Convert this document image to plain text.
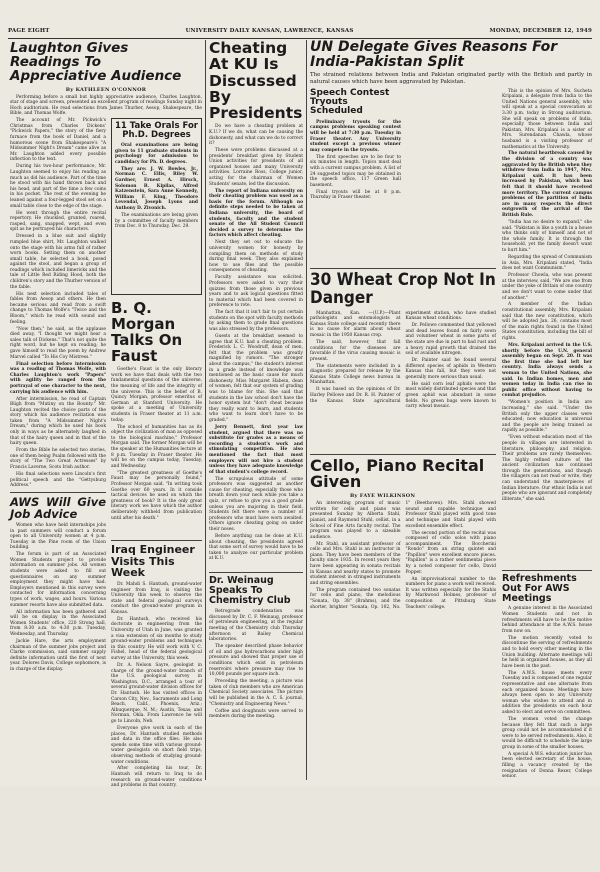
PAGE EIGHT	UNIVERSITY DAILY KANSAN, LAWRENCE, KANSAS	MONDAY, DECEMBER 12, 1949
Laughton Gives Readings To Appreciative Audience
By KATHLEEN O'CONNOR

Performing before a small but highly appreciative audience, Charles Laughton, star of stage and screen, presented an excellent program of readings Sunday night in Hoch auditorium. He read selections from James Thurber, Aesop, Shakespeare, the Bible, and Thomas Wolfe.

The account of Mr. Pickwick's Christmas from Charles Dickens' "Pickwick Papers," the story of the fiery furnace from the book of Daniel, and a humorous scene from Shakespeare's "A Midsummer Night's Dream" came alive as Mr. Laughton added every possible inflection to the text.

During his two-hour performance, Mr. Laughton seemed to enjoy his reading as much as did his audience. Part of the time he stood with his hand thrown back and his head, and part of the time a few coins in his pocket. The rest of the evening he leaned against a four-legged stool set on a small table close to the edge of the stage.

He went through the entire recital repertory. He chuckled, grunted, roared, rasped, sang, snapped, wept, and even spit as he portrayed his characters.

Dressed in a blue suit and slightly rumpled blue shirt, Mr. Laughton walked onto the stage with his arms full of rather worn books. Setting them on another small table, he selected a book, posed against the stool, and began a group of readings which included limericks and the tale of Little Red Riding Hood, both the children's story and the Thurber version of the fable.

His next selection included tales of fables from Aesop and others. He then became serious and read from a swift change to Thomas Wolfe's "Twice and the Bloom," which he read with sound and feeling.

"Now then," he said, as the applause died away, "I thought we might hear a sales talk of Dickens." That's not quite the right word, but he kept on reading; he gave himself to read the poem by Andrew Marvel called "To His Coy Mistress."

Final selection before intermission was a reading of Thomas Wolfe, with Charles Laughton's work "Papers" with agility he ranged from the portrayal of one character to the next, carrying his audience with him.

After intermission, he read of Captain Bligh from "Mutiny on the Bounty." Mr. Laughton recited the choice parts of the story which his audience recitation was taken from "A Midsummer Night's Dream," during which he used his book only in ways as he alternately laughed in that of the hairy queen and in that of the hairy queen.

From the Bible he selected two stories, one of them being Psalm followed with the story of "The Two Great Actresses" by Francis Laverne, Scots Irish author.

His final selections were Lincoln's first political speech and the "Gettysburg Address."

AWS Will Give Job Advice

Women who have held internships jobs in past summers will conduct a forum open to all University women at 4 p.m. Tuesday in the Pine room of the Union building.

The forum is part of an Associated Women Students project to provide information on summer jobs. All women students were asked to fill out questionnaires on any summer employment they might have had. Employers mentioned in this survey were contacted for information concerning types of work, wages, and hours. Various summer resorts have also submitted data.

All information has been gathered and will be on display in the Associated Women Students' office, 220 Strong hall, from 8:30 a.m. to 4:30 p.m. Tuesday, Wednesday, and Thursday.

Jackie Hare, the arts employment chairman of the summer jobs project and Clarke commission, said summer supply definite information until the first of next year. Dolores Davis, College sophomore, is in charge of the display.

11 Take Orals For Ph.D. Degrees

Oral examinations are being given to 11 graduate students in psychology for admission to candidacy for Ph. D. degrees.

They are: J. W. Bowles, Jr., Norman C. Ellis, Riley W. Gardner, Ernest A. Hirsch, Solomon B. Kipilas, Alfred Katzenstein, Sara Anne Kennedy, William F. King, Theodore Levendal, Joseph Lyons and Anthony D. Zivonich.

The examinations are being given by a committee of faculty members from Dec. 8 to Thursday, Dec. 29.

B. Q. Morgan Talks On Faust

Goethe's Faust is the only literary work we have that deals with the two fundamental questions of the universe, the meaning of life and the integrity of the universe. This is the belief of B. Quincy Morgan, professor emeritus of German at Stanford University. He spoke at a meeting of University students in Fraser theater at 11 a.m. today.

The school of humanities has as its object the civilization of man as opposed to the biological machine," Professor Morgan said. The former Morgan will be the speaker at the Humanities lecture at 8 p.m. Tuesday in Fraser theater. He will be on the campus today, Tuesday, and Wednesday.

"The greatest greatness of Goethe's Faust may be personally found," Professor Morgan said. "In writing took Goethe over 60 years. In it conside tactical devices he used on which the greatness of book? It is the only great literary work we have which the author deliberately withheld from publication until after his death."

Iraq Engineer Visits This Week

Dr. Mahdi S. Hantush, ground-water engineer from Iraq, is visiting the University this week to observe the state and federal geological surveys conduct the ground-water program in Kansas.

Dr. Hantush, who received his doctorate in engineering from the University of Utah in June, was granted a visa extension of six months to study ground-water problems and techniques in this country. He will work with V. C. Fishel, head of the federal geological survey at the University, this week.

Dr. A. Nelson Sayre, geologist in charge of the ground-water branch of the U.S. geological survey in Washington, D.C., arranged a tour of several ground-water division offices for Dr. Hantush. He has visited offices in Carson City, Nev., Sacramento and Long Beach, Calif., Phoenix, Ariz.; Albuquerque, N. M.; Austin, Texas; and Norman, Okla. From Lawrence he will go to Lincoln, Neb.

Everyone give work in each of the places, Dr. Hantush studied methods and data in the office files. He also spends some time with various ground-water geologists on short field trips, observing methods of studying ground-water conditions.

After completing his tour, Dr. Hantush will return to Iraq to do research on ground-water conditions and problems in that country.

Cheating At KU Is Discussed By Presidents

Do we have a cheating problem at K.U.? If we do, what can be causing the dishonesty, and what can we do to correct it?

These were problems discussed at a presidents' breakfast given by Student Union activities for presidents of all organized houses and many University activities. Lorraine Ross, College junior, acting for the chairman of Women Students' senate, led the discussion.

The report of Indiana university on their cheating problem was used as a basis for the forum. Although no definite steps needed to be taken at Indiana university, the board of students, faculty and the student senate of the All Student Council decided a survey to determine the factors which affect cheating.

Next they set out to educate the university women for honesty by compiling them on methods of study during final week. They also explained how to use files and the possible consequences of cheating.

Faculty assistance was solicited. Professors were asked to vary their quizzes from those given in previous years and to ask logical questions fitted to material which had been covered in preference to rote.

The fact that it isn't fair to put certain students on the spot with faculty methods by asking them to grade final questions was also stressed by the professors.

Guests at the breakfast seemed to agree that K.U. had a cheating problem. Frederick L. C. Woodruff, dean of men, felt that the problem was greatly magnified by rumors. "The stronger about the campus," the student's interest in a grade instead of knowledge was mentioned as the basic cause for much dishonesty. Miss Margaret Habein, dean of women, felt that our system of grading was to blame for this. She said that students in the law school don't have the honor system but "don't cheat because they really want to learn, and students who want to learn don't have to be graded."

Jerry Bennett, first year law student, argued that there was no substitute for grades as a means of recording a student's work and stimulating competition. He also mentioned the fact that most employers will not hire a student unless they have adequate knowledge of that student's college record.

The scrupulous attitude of some professors was suggested as another cause for cheating, especially those who breath down your neck while you take a quiz, or refuse to give you a good grade unless you are majoring in their field. Students felt there were a number of professors who must have worn awaited. Others ignore cheating going on under their noses.

Before anything can be done at K.U. about cheating, the presidents agreed that some sort of survey would have to be taken to analyze our particular problem at K.U.

Dr. Weinaug Speaks To Chemistry Club

Retrograde condensation was discussed by Dr. C. F. Weinaug, professor of petroleum engineering, at the regular meeting of the Chemistry club Thursday afternoon at Bailey Chemical laboratories.

The speaker described phase behavior of oil and gas hydrocarbons under high pressure and showed that proper use of conditions which exist in petroleum reservoirs where pressure may rise to 10,000 pounds per square inch.

Preceding the meeting, a picture was taken of club members who are American Chemical Society associates. The picture will be published in the A. C. S. journal, "Chemistry and Engineering News."

Coffee and doughnuts were served to members during the meeting.

UN Delegate Gives Reasons For India-Pakistan Split
The strained relations between India and Pakistan originated partly with the British and partly in natural causes which have been aggravated by Pakistan.
Speech Contest Tryouts Scheduled

Preliminary tryouts for the campus problems speaking contest will be held at 7:30 p.m. Tuesday in Fraser theater. Any University student except a previous winner may compete in the tryouts.

The first speeches are to be four to six minutes in length. Topics must deal with a current campus problem. A list of 24 suggested topics may be obtained in the speech office, 117 Green hall basement.

Final tryouts will be at 8 p.m. Thursday in Fraser theater.

30 Wheat Crop Not In Danger

Manhattan, Kan. —(U.P.)—Plant pathologists and entomologists at Kansas State college said recently there is no cause for alarm about wheat mosaic in the 1950 Kansas crop.

The said, however, that fall conditions for the diseases are favorable if the virus causing mosaic is present.

The statements were included in a diagnostic prepared for release by the Kansas State College news bureau in Manhattan.

It was based on the opinions of Dr. Harley Pellowe and Dr. R. H. Painter of the Kansas State agricultural experiment station, who have studied Kansas wheat conditions.

Dr. Pellowe commented that yellowed and dead leaves found on fairly sown and volunteer wheat in some parts of the state are due in part to bad rust and a heavy rapid growth that drained the soil of available nitrogen.

Dr. Painter said he found several different species of aphids in Western Kansas this fall, but they were not generally more serious than usual.

He said corn leaf aphids were the most widely distributed species and that green aphid was abundant in some fields. No green bugs were known to carry wheat mosaic.

Cello, Piano Recital Given
By FAYE WILKINSON

An interesting program of music written for cello and piano was presented Sunday by Alberta Stahl, pianist, and Raymond Stuhl, cellist, in a School of Fine Arts faculty recital. The program was played to a sizeable audience.

Mr. Stahl, an assistant professor of cello and Mrs. Stahl is an instructor in piano. They have been members of the faculty since 1935. In recent years they have been appearing in sonata recitals in Kansas and nearby states to promote student interest in stringed instruments and string ensembles.

The program contained two sonatas for cello and piano, the melodious "Sonata, Op. 38" (Brahms), and the shorter, brighter "Sonata, Op. 102, No. 1" (Beethoven). Mrs. Stahl showed sound and capable technique and Professor Stahl played with good tone and technique and Stahl played with excellent ensemble effect.

The second portion of the recital was composed of cello solos with piano accompaniment. The Boccherini "Rondo" from an string quintet and "Papillon" were excellent encore pieces. "Papillon" is a rather sentimental piece by a noted composer for cello, David Popper.

An improvisational number to the numbers for piano a work well received. It was written especially for the Stahls by Markwood Holmes, professor of composition at Pittsburg State Teachers' college.

This is the opinion of Mrs. Sucheta Kripalani, a delegate from India to the United Nations general assembly, who will speak at a special convocation at 3:30 p.m. today in Strong auditorium. She will speak on problems of India, especially those between India and Pakistan. Mrs. Kripalani is a sister of Mrs. Surendanan Chawla, whose husband is a visiting professor of mathematics at the University.

The natural heartbreak caused by the division of a country was aggravated by the British when they withdrew from India in 1947, Mrs. Kripalani said. It has been increased by Pakistan, which has felt that it should have received more territory. The current campus problems of the partition of India are in many respects the direct outgrowth of the arrival of the British Rule.

"India has no desire to expand," she said. "Pakistan is like a youth in a house who thinks only of himself and not of the whole family. It is through the household, yet the family doesn't want to hurt him."

Regarding the spread of Communism in Asia, Mrs. Kripalani stated, "India does not want Communism."

Professor Chowla, who was present at the interview, said, "We are one from under the yoke of Britain of one country and we don't want to come under that of another."

A member of the Indian constitutional assembly, Mrs. Kripalani said that the new constitution, which will be adopted Jan. 26, contains most of the main rights found in the United States constitution, including the bill of rights.

Mrs. Kripalani arrived in the U.S. shortly before the U.N. general assembly began on Sept. 20. It was the first time she had left her country. India always sends a woman to the United Nations, she said. In Indian homes, men and women today in India can rise in public office without having to combat prejudice.

"Women's position in India are increasing," she said. "Under the British only the upper classes were educated; now education is universal and the people are being trained as rapidly as possible."

"Even without education most of the people in villages are interested in literature, philosophy, and religion. Their problems are rarely themselves. The highly refined culture of the ancient civilization has continued through the generations, and though the villagers can not read or write, they can understand the masterpieces of Indian literature. Our ethnic India is not people who are ignorant and completely illiterate," she said.

Refreshments Out For AWS Meetings

A genuine interest in the Associated Women Students and not in refreshments will have to be the motive behind attendance at the A.W.S. house from now on.

The motion recently voted to discontinue the serving of refreshments and to hold every other meeting in the Union building. Alternate meetings will be held in organized houses, as they all have been in the past.

The A.W.S. house meets every Tuesday and is composed of one regular representative and one alternate from each organized house. Meetings have always been open to any University woman who wishes to attend and in addition the presidents on each hour asked to elect and serve on committees.

The women voted the change because they felt that such a large group could not be accommodated if it were to be served refreshments. Also, it would be difficult to schedule the large group in some of the smaller houses.

A special A.W.S. education junior has been elected secretary of the house, filling a vacancy created by the resignation of Donna Rexer, College senior.
